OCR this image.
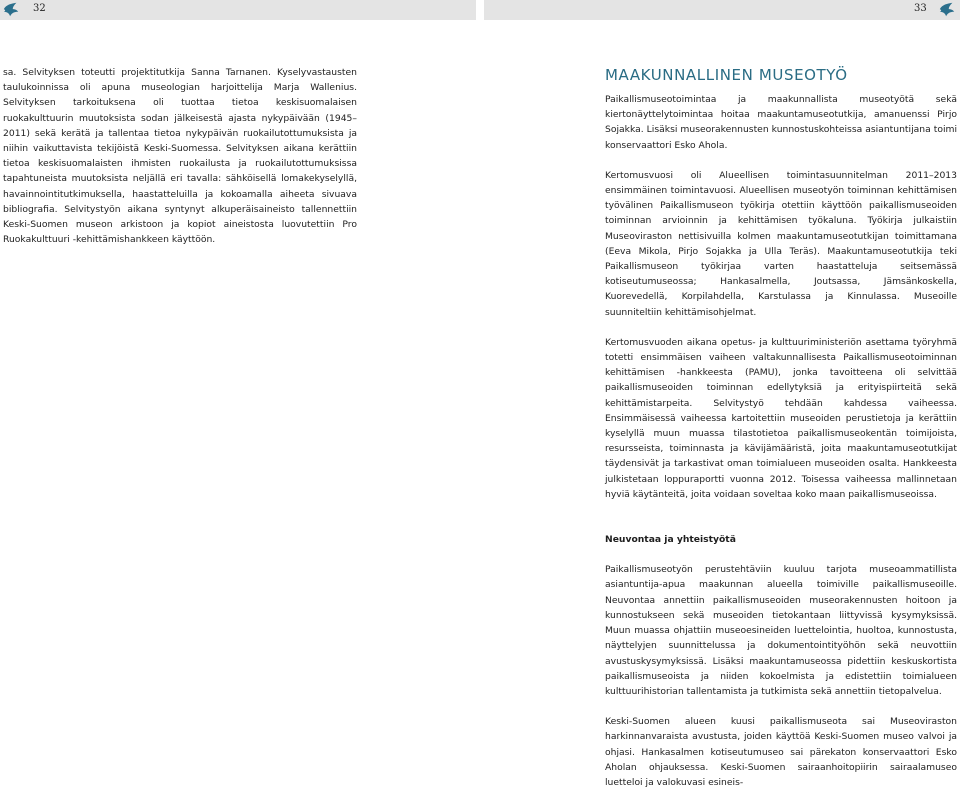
32	33

sa. Selvityksen toteutti projektitutkija Sanna Tarnanen. Kyselyvastausten taulukoinnissa oli apuna museologian harjoittelija Marja Wallenius. Selvityksen tarkoituksena oli tuottaa tietoa keskisuomalaisen ruokakulttuurin muutoksista sodan jälkeisestä ajasta nykypäivään (1945–2011) sekä kerätä ja tallentaa tietoa nykypäivän ruokailutottumuksista ja niihin vaikuttavista tekijöistä Keski-Suomessa. Selvityksen aikana kerättiin tietoa keskisuomalaisten ihmisten ruokailusta ja ruokailutottumuksissa tapahtuneista muutoksista neljällä eri tavalla: sähköisellä lomakekyselyllä, havainnointitutkimuksella, haastatteluilla ja kokoamalla aiheeta sivuava bibliografia. Selvitystyön aikana syntynyt alkuperäisaineisto tallennettiin Keski-Suomen museon arkistoon ja kopiot aineistosta luovutettiin Pro Ruokakulttuuri -kehittämishankkeen käyttöön.

MAAKUNNALLINEN MUSEOTYÖ

Paikallismuseotoimintaa ja maakunnallista museotyötä sekä kiertonäyttelytoimintaa hoitaa maakuntamuseotutkija, amanuenssi Pirjo Sojakka. Lisäksi museorakennusten kunnostuskohteissa asiantuntijana toimi konservaattori Esko Ahola.

Kertomusvuosi oli Alueellisen toimintasuunnitelman 2011–2013 ensimmäinen toimintavuosi. Alueellisen museotyön toiminnan kehittämisen työvälinen Paikallismuseon työkirja otettiin käyttöön paikallismuseoiden toiminnan arvioinnin ja kehittämisen työkaluna. Työkirja julkaistiin Museoviraston nettisivuilla kolmen maakuntamuseotutkijan toimittamana (Eeva Mikola, Pirjo Sojakka ja Ulla Teräs). Maakuntamuseotutkija teki Paikallismuseon työkirjaa varten haastatteluja seitsemässä kotiseutumuseossa; Hankasalmella, Joutsassa, Jämsänkoskella, Kuorevedellä, Korpilahdella, Karstulassa ja Kinnulassa. Museoille suunniteltiin kehittämisohjelmat.

Kertomusvuoden aikana opetus- ja kulttuuriministeriön asettama työryhmä totetti ensimmäisen vaiheen valtakunnallisesta Paikallismuseotoiminnan kehittämisen -hankkeesta (PAMU), jonka tavoitteena oli selvittää paikallismuseoiden toiminnan edellytyksiä ja erityispiirteitä sekä kehittämistarpeita. Selvitystyö tehdään kahdessa vaiheessa. Ensimmäisessä vaiheessa kartoitettiin museoiden perustietoja ja kerättiin kyselyllä muun muassa tilastotietoa paikallismuseokentän toimijoista, resursseista, toiminnasta ja kävijämääristä, joita maakuntamuseotutkijat täydensivät ja tarkastivat oman toimialueen museoiden osalta. Hankkeesta julkistetaan loppuraportti vuonna 2012. Toisessa vaiheessa mallinnetaan hyviä käytänteitä, joita voidaan soveltaa koko maan paikallismuseoissa.

Neuvontaa ja yhteistyötä

Paikallismuseotyön perustehtäviin kuuluu tarjota museoammatillista asiantuntija-apua maakunnan alueella toimiville paikallismuseoille. Neuvontaa annettiin paikallismuseoiden museorakennusten hoitoon ja kunnostukseen sekä museoiden tietokantaan liittyvissä kysymyksissä. Muun muassa ohjattiin museoesineiden luettelointia, huoltoa, kunnostusta, näyttelyjen suunnittelussa ja dokumentointityöhön sekä neuvottiin avustuskysymyksissä. Lisäksi maakuntamuseossa pidettiin keskuskortista paikallismuseoista ja niiden kokoelmista ja edistettiin toimialueen kulttuurihistorian tallentamista ja tutkimista sekä annettiin tietopalvelua.

Keski-Suomen alueen kuusi paikallismuseota sai Museoviraston harkinnanvaraista avustusta, joiden käyttöä Keski-Suomen museo valvoi ja ohjasi. Hankasalmen kotiseutumuseo sai pärekaton konservaattori Esko Aholan ohjauksessa. Keski-Suomen sairaanhoitopiirin sairaalamuseo luetteloi ja valokuvasi esineis-
